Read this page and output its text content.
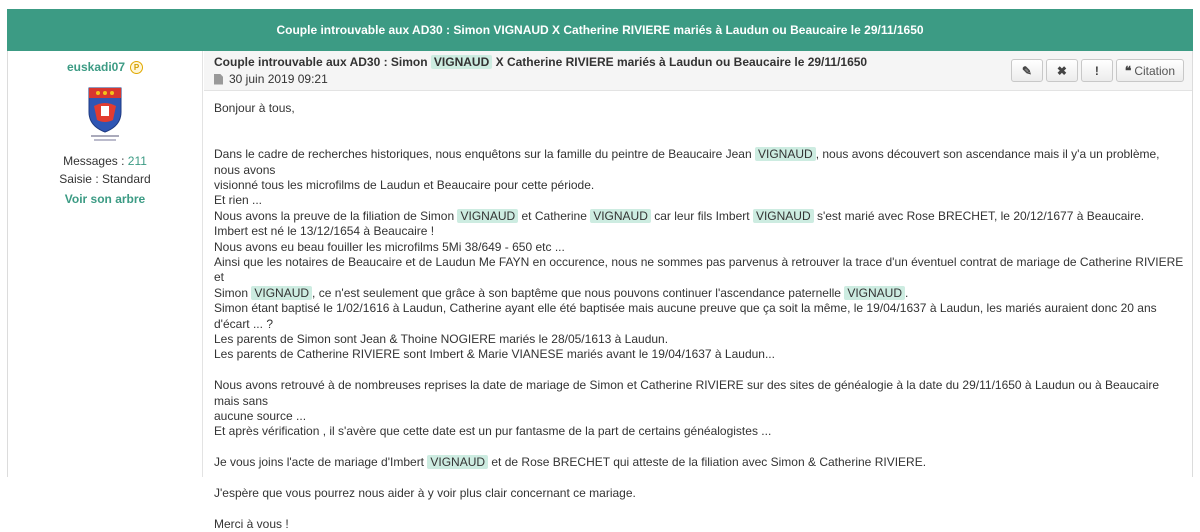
Couple introuvable aux AD30 : Simon VIGNAUD X Catherine RIVIERE mariés à Laudun ou Beaucaire le 29/11/1650
euskadi07	P
Messages : 211
Saisie : Standard
Voir son arbre
Couple introuvable aux AD30 : Simon VIGNAUD X Catherine RIVIERE mariés à Laudun ou Beaucaire le 29/11/1650
30 juin 2019 09:21
✎ ✖ ! ❝ Citation

Bonjour à tous,

Dans le cadre de recherches historiques, nous enquêtons sur la famille du peintre de Beaucaire Jean VIGNAUD , nous avons découvert son ascendance mais il y'a un problème, nous avons

visionné tous les microfilms de Laudun et Beaucaire pour cette période.

Et rien ...

Nous avons la preuve de la filiation de Simon VIGNAUD et Catherine VIGNAUD car leur fils Imbert VIGNAUD s'est marié avec Rose BRECHET, le 20/12/1677 à Beaucaire.

Imbert est né le 13/12/1654 à Beaucaire !

Nous avons eu beau fouiller les microfilms 5Mi 38/649 - 650 etc ...

Ainsi que les notaires de Beaucaire et de Laudun Me FAYN en occurence, nous ne sommes pas parvenus à retrouver la trace d'un éventuel contrat de mariage de Catherine RIVIERE et

Simon VIGNAUD , ce n'est seulement que grâce à son baptême que nous pouvons continuer l'ascendance paternelle VIGNAUD .

Simon étant baptisé le 1/02/1616 à Laudun, Catherine ayant elle été baptisée mais aucune preuve que ça soit la même, le 19/04/1637 à Laudun, les mariés auraient donc 20 ans d'écart ... ?

Les parents de Simon sont Jean & Thoine NOGIERE mariés le 28/05/1613 à Laudun.

Les parents de Catherine RIVIERE sont Imbert & Marie VIANESE mariés avant le 19/04/1637 à Laudun...

Nous avons retrouvé à de nombreuses reprises la date de mariage de Simon et Catherine RIVIERE sur des sites de généalogie à la date du 29/11/1650 à Laudun ou à Beaucaire mais sans

aucune source ...

Et après vérification , il s'avère que cette date est un pur fantasme de la part de certains généalogistes ...

Je vous joins l'acte de mariage d'Imbert VIGNAUD et de Rose BRECHET qui atteste de la filiation avec Simon & Catherine RIVIERE.

J'espère que vous pourrez nous aider à y voir plus clair concernant ce mariage.

Merci à vous !
